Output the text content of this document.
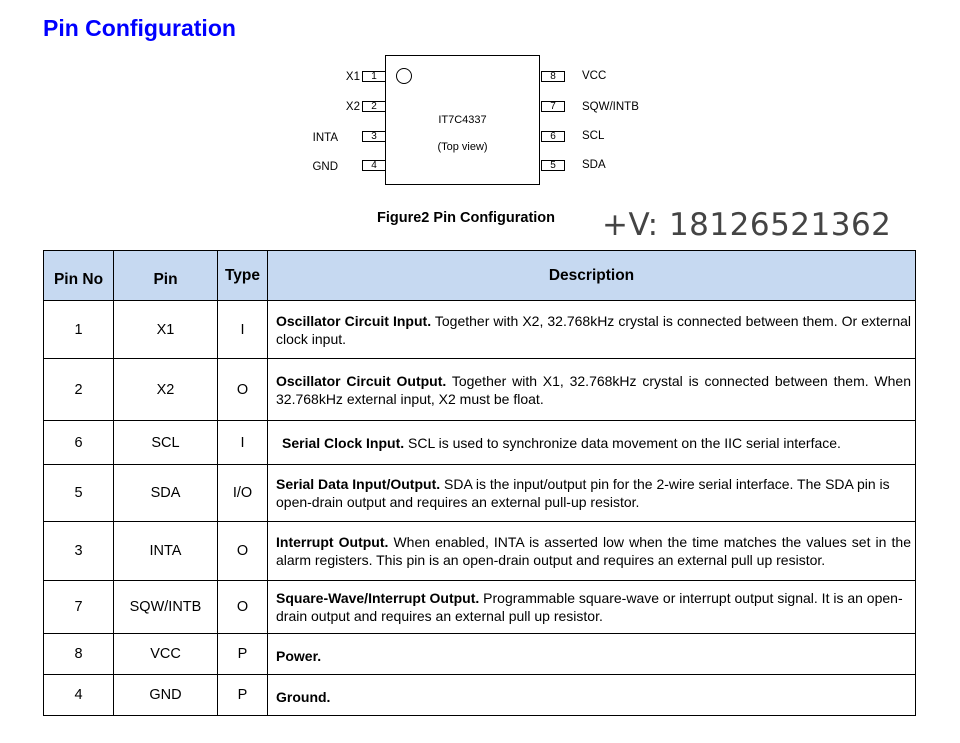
Pin Configuration
X1	1
X2	2
INTA	3
GND	4
IT7C4337
(Top view)
8	VCC
7	SQW/INTB
6	SCL
5	SDA
Figure2 Pin Configuration +V: 18126521362
Pin No	Pin	Type	Description
1	X1	I	Oscillator Circuit Input. Together with X2, 32.768kHz crystal is connected between them. Or external clock input.
2	X2	O	Oscillator Circuit Output. Together with X1, 32.768kHz crystal is connected between them. When 32.768kHz external input, X2 must be float.
6	SCL	I	Serial Clock Input. SCL is used to synchronize data movement on the IIC serial interface.
5	SDA	I/O	Serial Data Input/Output. SDA is the input/output pin for the 2-wire serial interface. The SDA pin is open-drain output and requires an external pull-up resistor.
3	INTA	O	Interrupt Output. When enabled, INTA is asserted low when the time matches the values set in the alarm registers. This pin is an open-drain output and requires an external pull up resistor.
7	SQW/INTB	O	Square-Wave/Interrupt Output. Programmable square-wave or interrupt output signal. It is an open-drain output and requires an external pull up resistor.
8	VCC	P	Power.
4	GND	P	Ground.
